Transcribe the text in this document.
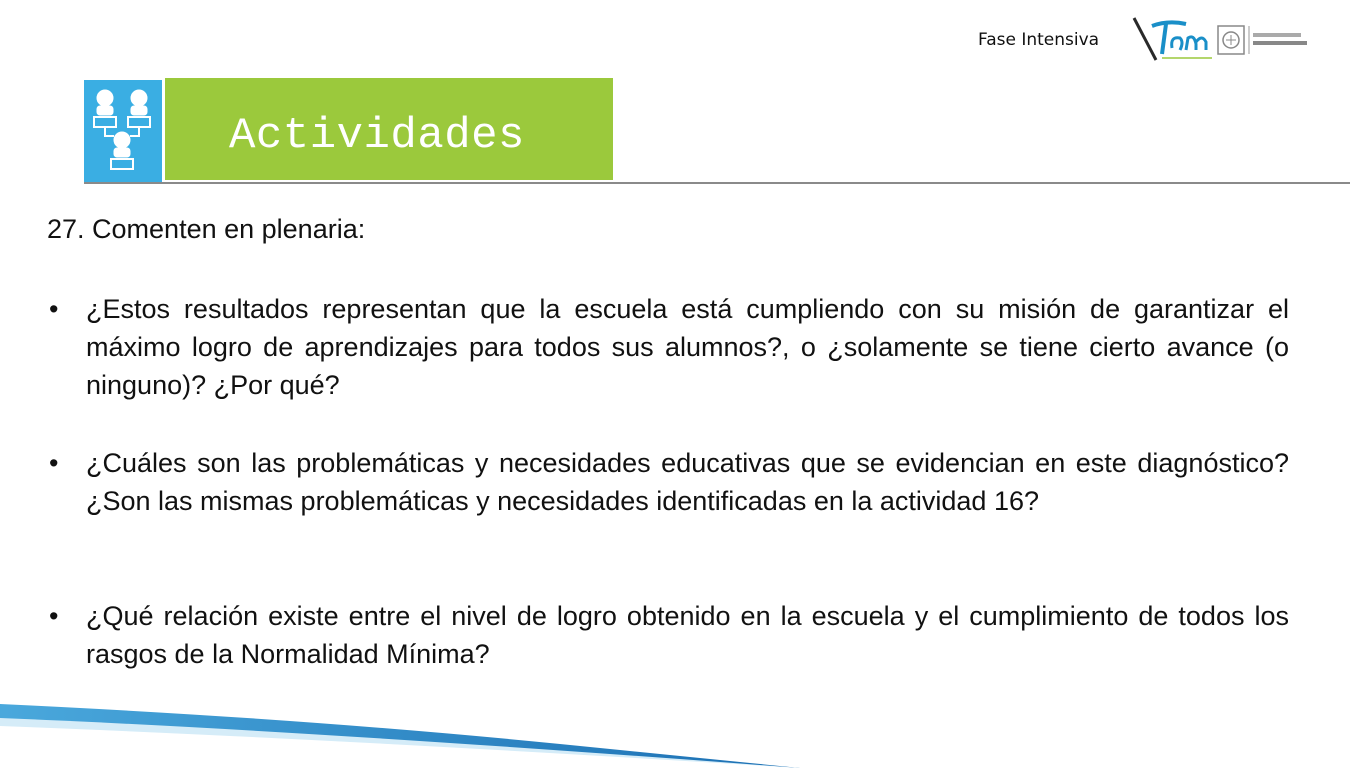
Fase Intensiva
Actividades
27. Comenten en plenaria:
• ¿Estos resultados representan que la escuela está cumpliendo con su misión de garantizar el máximo logro de aprendizajes para todos sus alumnos?, o ¿solamente se tiene cierto avance (o ninguno)? ¿Por qué?
• ¿Cuáles son las problemáticas y necesidades educativas que se evidencian en este diagnóstico? ¿Son las mismas problemáticas y necesidades identificadas en la actividad 16?
• ¿Qué relación existe entre el nivel de logro obtenido en la escuela y el cumplimiento de todos los rasgos de la Normalidad Mínima?
